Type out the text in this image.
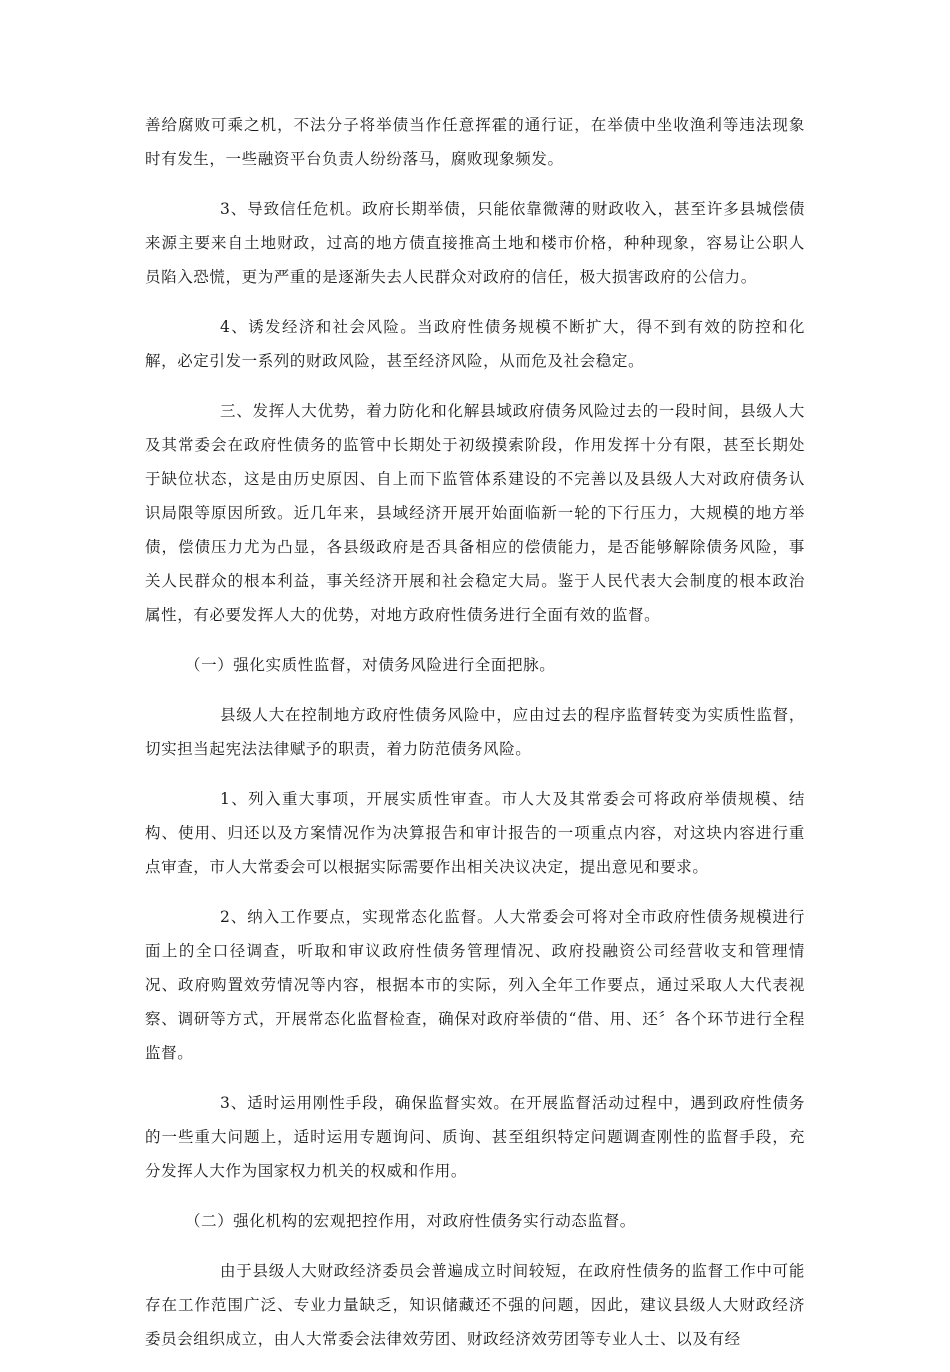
善给腐败可乘之机，不法分子将举债当作任意挥霍的通行证，在举债中坐收渔利等违法现象时有发生，一些融资平台负责人纷纷落马，腐败现象频发。

3、导致信任危机。政府长期举债，只能依靠微薄的财政收入，甚至许多县城偿债来源主要来自土地财政，过高的地方债直接推高土地和楼市价格，种种现象，容易让公职人员陷入恐慌，更为严重的是逐渐失去人民群众对政府的信任，极大损害政府的公信力。

4、诱发经济和社会风险。当政府性债务规模不断扩大，得不到有效的防控和化解，必定引发一系列的财政风险，甚至经济风险，从而危及社会稳定。

三、发挥人大优势，着力防化和化解县域政府债务风险过去的一段时间，县级人大及其常委会在政府性债务的监管中长期处于初级摸索阶段，作用发挥十分有限，甚至长期处于缺位状态，这是由历史原因、自上而下监管体系建设的不完善以及县级人大对政府债务认识局限等原因所致。近几年来，县域经济开展开始面临新一轮的下行压力，大规模的地方举债，偿债压力尤为凸显，各县级政府是否具备相应的偿债能力，是否能够解除债务风险，事关人民群众的根本利益，事关经济开展和社会稳定大局。鉴于人民代表大会制度的根本政治属性，有必要发挥人大的优势，对地方政府性债务进行全面有效的监督。

（一）强化实质性监督，对债务风险进行全面把脉。

县级人大在控制地方政府性债务风险中，应由过去的程序监督转变为实质性监督，切实担当起宪法法律赋予的职责，着力防范债务风险。

1、列入重大事项，开展实质性审查。市人大及其常委会可将政府举债规模、结构、使用、归还以及方案情况作为决算报告和审计报告的一项重点内容，对这块内容进行重点审查，市人大常委会可以根据实际需要作出相关决议决定，提出意见和要求。

2、纳入工作要点，实现常态化监督。人大常委会可将对全市政府性债务规模进行面上的全口径调查，听取和审议政府性债务管理情况、政府投融资公司经营收支和管理情况、政府购置效劳情况等内容，根据本市的实际，列入全年工作要点，通过采取人大代表视察、调研等方式，开展常态化监督检查，确保对政府举债的“借、用、还〞各个环节进行全程监督。

3、适时运用刚性手段，确保监督实效。在开展监督活动过程中，遇到政府性债务的一些重大问题上，适时运用专题询问、质询、甚至组织特定问题调查刚性的监督手段，充分发挥人大作为国家权力机关的权威和作用。

（二）强化机构的宏观把控作用，对政府性债务实行动态监督。

由于县级人大财政经济委员会普遍成立时间较短，在政府性债务的监督工作中可能存在工作范围广泛、专业力量缺乏，知识储藏还不强的问题，因此，建议县级人大财政经济委员会组织成立，由人大常委会法律效劳团、财政经济效劳团等专业人士、以及有经
